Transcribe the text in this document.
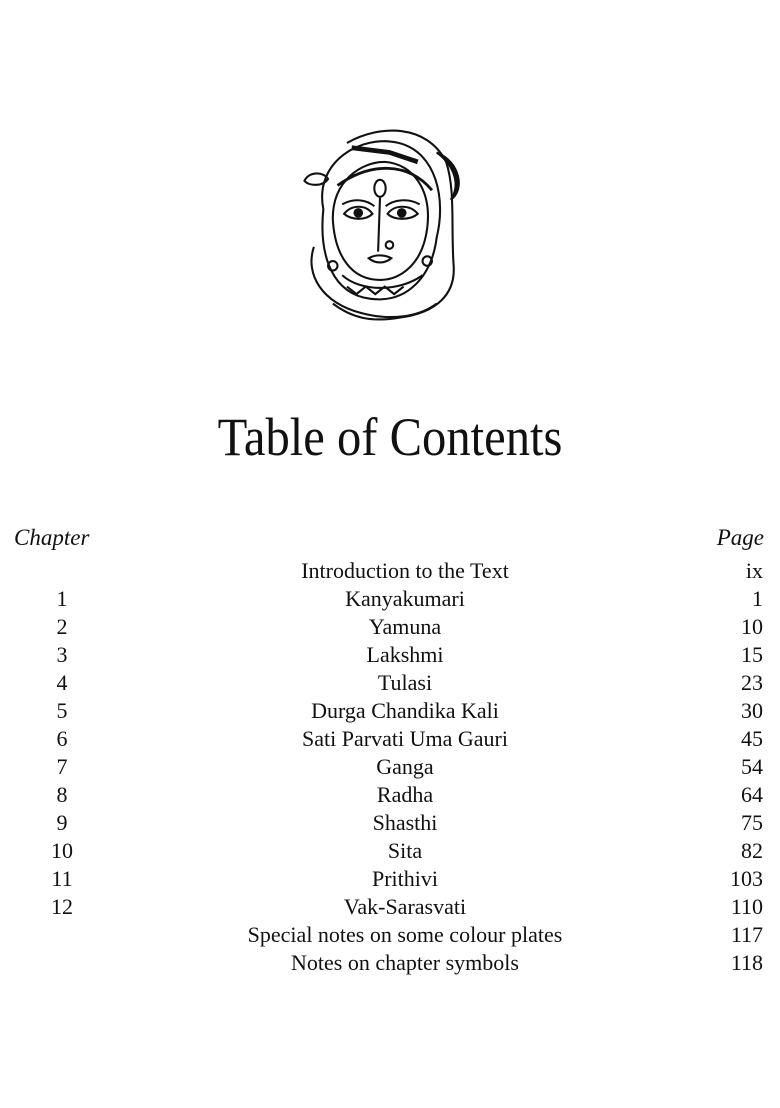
Table of Contents
Chapter	Page
Introduction to the Text	ix
1	Kanyakumari	1
2	Yamuna	10
3	Lakshmi	15
4	Tulasi	23
5	Durga Chandika Kali	30
6	Sati Parvati Uma Gauri	45
7	Ganga	54
8	Radha	64
9	Shasthi	75
10	Sita	82
11	Prithivi	103
12	Vak-Sarasvati	110
Special notes on some colour plates	117
Notes on chapter symbols	118
